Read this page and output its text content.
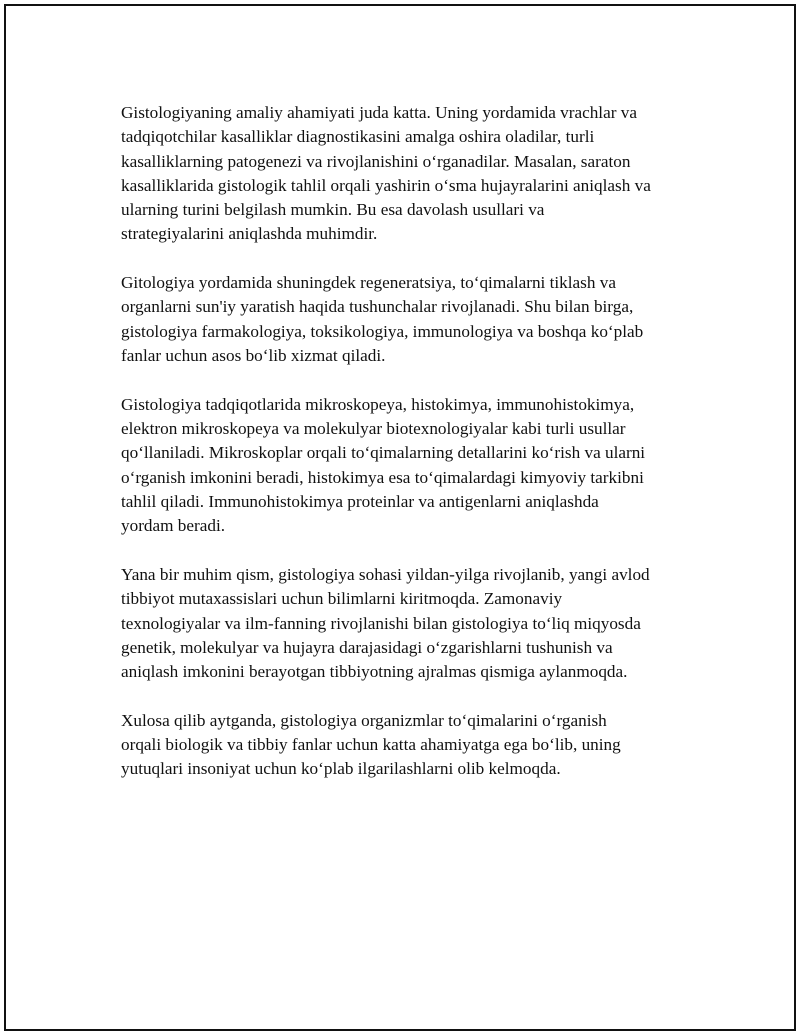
Gistologiyaning amaliy ahamiyati juda katta. Uning yordamida vrachlar va
tadqiqotchilar kasalliklar diagnostikasini amalga oshira oladilar, turli
kasalliklarning patogenezi va rivojlanishini o‘rganadilar. Masalan, saraton
kasalliklarida gistologik tahlil orqali yashirin o‘sma hujayralarini aniqlash va
ularning turini belgilash mumkin. Bu esa davolash usullari va
strategiyalarini aniqlashda muhimdir.

Gitologiya yordamida shuningdek regeneratsiya, to‘qimalarni tiklash va
organlarni sun'iy yaratish haqida tushunchalar rivojlanadi. Shu bilan birga,
gistologiya farmakologiya, toksikologiya, immunologiya va boshqa ko‘plab
fanlar uchun asos bo‘lib xizmat qiladi.

Gistologiya tadqiqotlarida mikroskopeya, histokimya, immunohistokimya,
elektron mikroskopeya va molekulyar biotexnologiyalar kabi turli usullar
qo‘llaniladi. Mikroskoplar orqali to‘qimalarning detallarini ko‘rish va ularni
o‘rganish imkonini beradi, histokimya esa to‘qimalardagi kimyoviy tarkibni
tahlil qiladi. Immunohistokimya proteinlar va antigenlarni aniqlashda
yordam beradi.

Yana bir muhim qism, gistologiya sohasi yildan-yilga rivojlanib, yangi avlod
tibbiyot mutaxassislari uchun bilimlarni kiritmoqda. Zamonaviy
texnologiyalar va ilm-fanning rivojlanishi bilan gistologiya to‘liq miqyosda
genetik, molekulyar va hujayra darajasidagi o‘zgarishlarni tushunish va
aniqlash imkonini berayotgan tibbiyotning ajralmas qismiga aylanmoqda.

Xulosa qilib aytganda, gistologiya organizmlar to‘qimalarini o‘rganish
orqali biologik va tibbiy fanlar uchun katta ahamiyatga ega bo‘lib, uning
yutuqlari insoniyat uchun ko‘plab ilgarilashlarni olib kelmoqda.
